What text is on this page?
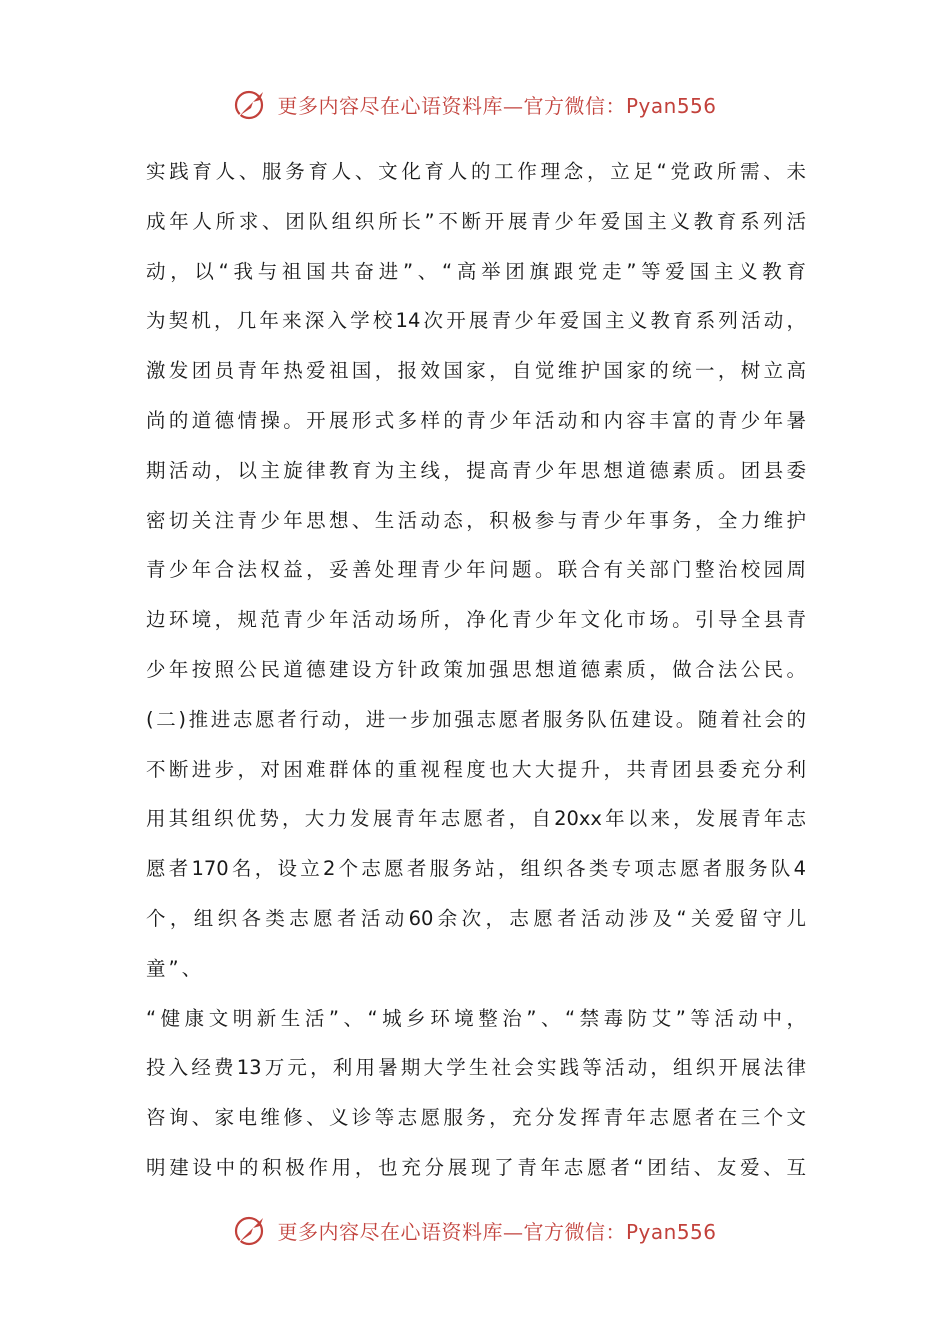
更多内容尽在心语资料库—官方微信：Pyan556
实践育人、服务育人、文化育人的工作理念，立足“党政所需、未
成年人所求、团队组织所长”不断开展青少年爱国主义教育系列活
动，以“我与祖国共奋进”、“高举团旗跟党走”等爱国主义教育
为契机，几年来深入学校14次开展青少年爱国主义教育系列活动，
激发团员青年热爱祖国，报效国家，自觉维护国家的统一，树立高
尚的道德情操。开展形式多样的青少年活动和内容丰富的青少年暑
期活动，以主旋律教育为主线，提高青少年思想道德素质。团县委
密切关注青少年思想、生活动态，积极参与青少年事务，全力维护
青少年合法权益，妥善处理青少年问题。联合有关部门整治校园周
边环境，规范青少年活动场所，净化青少年文化市场。引导全县青
少年按照公民道德建设方针政策加强思想道德素质，做合法公民。
(二)推进志愿者行动，进一步加强志愿者服务队伍建设。随着社会的
不断进步，对困难群体的重视程度也大大提升，共青团县委充分利
用其组织优势，大力发展青年志愿者，自20xx年以来，发展青年志
愿者170名，设立2个志愿者服务站，组织各类专项志愿者服务队4
个，组织各类志愿者活动60余次，志愿者活动涉及“关爱留守儿
童”、
“健康文明新生活”、“城乡环境整治”、“禁毒防艾”等活动中，
投入经费13万元，利用暑期大学生社会实践等活动，组织开展法律
咨询、家电维修、义诊等志愿服务，充分发挥青年志愿者在三个文
明建设中的积极作用，也充分展现了青年志愿者“团结、友爱、互
更多内容尽在心语资料库—官方微信：Pyan556
